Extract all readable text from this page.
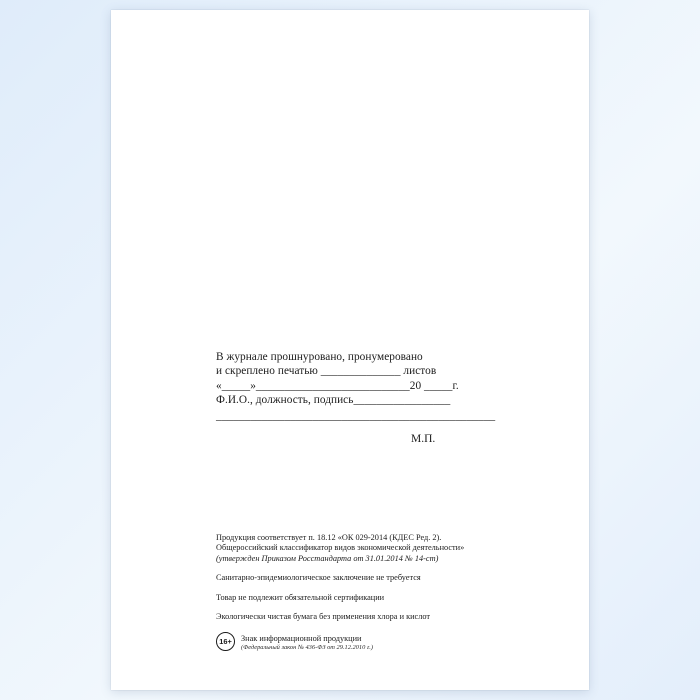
В журнале прошнуровано, пронумеровано
и скреплено печатью ______________ листов
«_____»___________________________20 _____г.
Ф.И.О., должность, подпись_________________
_________________________________________________
М.П.
Продукция соответствует п. 18.12 «ОК 029-2014 (КДЕС Ред. 2).
Общероссийский классификатор видов экономической деятельности»
(утвержден Приказом Росстандарта от 31.01.2014 № 14-ст)
Санитарно-эпидемиологическое заключение не требуется
Товар не подлежит обязательной сертификации
Экологически чистая бумага без применения хлора и кислот
16+	Знак информационной продукции
(Федеральный закон № 436-ФЗ от 29.12.2010 г.)
